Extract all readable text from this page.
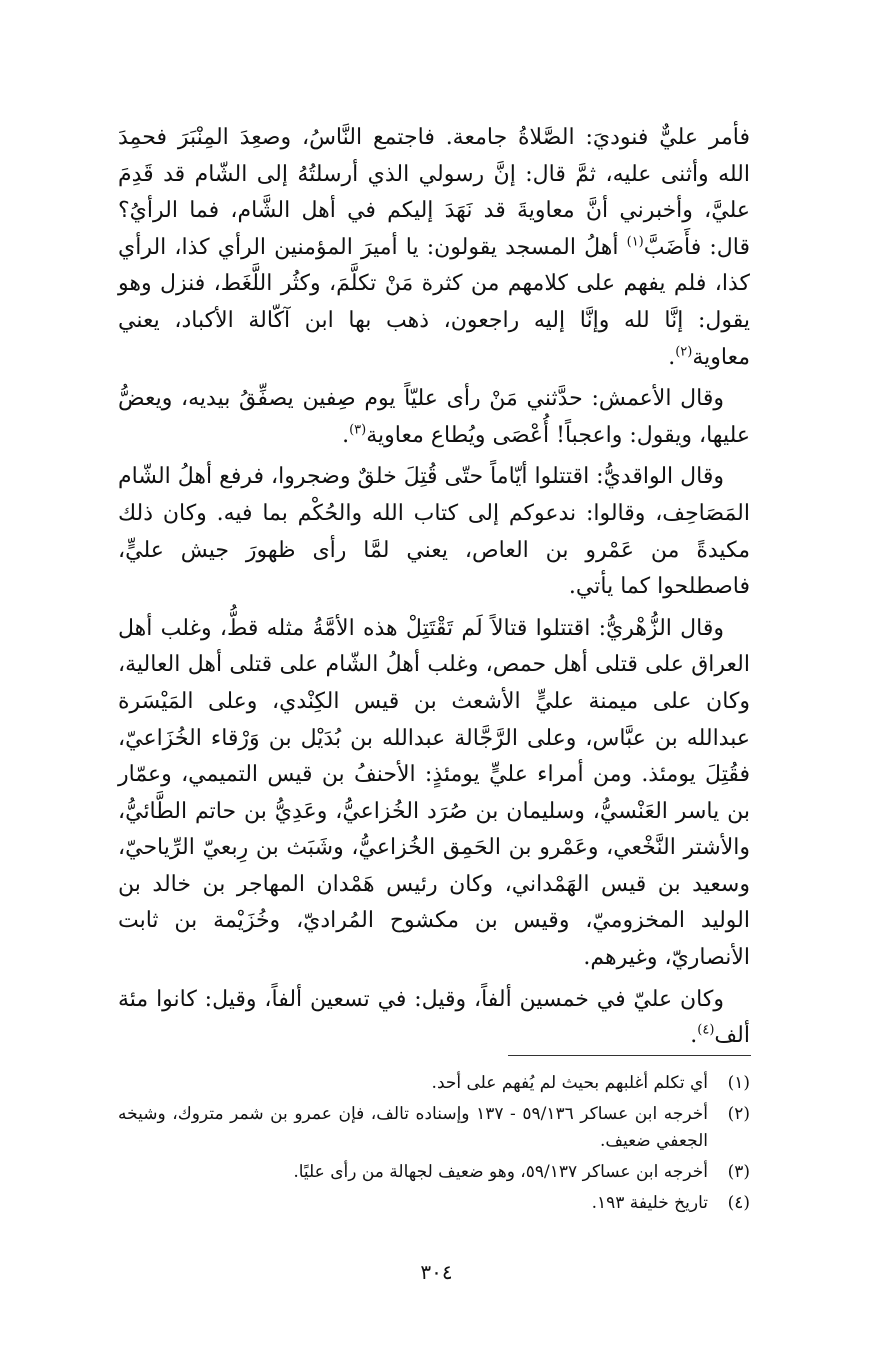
فأمر عليٌّ فنوديَ: الصَّلاةُ جامعة. فاجتمع النَّاسُ، وصعِدَ المِنْبَرَ فحمِدَ الله وأثنى عليه، ثمَّ قال: إنَّ رسولي الذي أرسلتُهُ إلى الشّام قد قَدِمَ عليَّ، وأخبرني أنَّ معاويةَ قد نَهَدَ إليكم في أهل الشَّام، فما الرأيُ؟ قال: فأَضَبَّ$^{(١)}$ أهلُ المسجد يقولون: يا أميرَ المؤمنين الرأي كذا، الرأي كذا، فلم يفهم على كلامهم من كثرة مَنْ تكلَّمَ، وكثُر اللَّغَط، فنزل وهو يقول: إنَّا لله وإنَّا إليه راجعون، ذهب بها ابن آكّالة الأكباد، يعني معاوية$^{(٢)}$.

وقال الأعمش: حدَّثني مَنْ رأى عليّاً يوم صِفين يصفِّقُ بيديه، ويعضُّ عليها، ويقول: واعجباً! أُعْصَى ويُطاع معاوية$^{(٣)}$.

وقال الواقديُّ: اقتتلوا أيّاماً حتّى قُتِلَ خلقٌ وضجروا، فرفع أهلُ الشّام المَصَاحِف، وقالوا: ندعوكم إلى كتاب الله والحُكْم بما فيه. وكان ذلك مكيدةً من عَمْرو بن العاص، يعني لمَّا رأى ظهورَ جيش عليٍّ، فاصطلحوا كما يأتي.

وقال الزُّهْريُّ: اقتتلوا قتالاً لَم تَقْتَتِلْ هذه الأمَّةُ مثله قطُّ، وغلب أهل العراق على قتلى أهل حمص، وغلب أهلُ الشّام على قتلى أهل العالية، وكان على ميمنة عليٍّ الأشعث بن قيس الكِنْدي، وعلى المَيْسَرة عبدالله بن عبَّاس، وعلى الرَّجَّالة عبدالله بن بُدَيْل بن وَرْقاء الخُزَاعيّ، فقُتِلَ يومئذ. ومن أمراء عليٍّ يومئذٍ: الأحنفُ بن قيس التميمي، وعمّار بن ياسر العَنْسيُّ، وسليمان بن صُرَد الخُزاعيُّ، وعَدِيُّ بن حاتم الطَّائيُّ، والأشتر النَّخْعي، وعَمْرو بن الحَمِق الخُزاعيُّ، وشَبَث بن رِبعيّ الرِّياحيّ، وسعيد بن قيس الهَمْداني، وكان رئيس هَمْدان المهاجر بن خالد بن الوليد المخزوميّ، وقيس بن مكشوح المُراديّ، وخُزَيْمة بن ثابت الأنصاريّ، وغيرهم.

وكان عليّ في خمسين ألفاً، وقيل: في تسعين ألفاً، وقيل: كانوا مئة ألف$^{(٤)}$.

(١)
أي تكلم أغلبهم بحيث لم يُفهم على أحد.
(٢)
أخرجه ابن عساكر ٥٩/١٣٦ - ١٣٧ وإسناده تالف، فإن عمرو بن شمر متروك، وشيخه الجعفي ضعيف.
(٣)
أخرجه ابن عساكر ٥٩/١٣٧، وهو ضعيف لجهالة من رأى عليًا.
(٤)
تاريخ خليفة ١٩٣.
٣٠٤
